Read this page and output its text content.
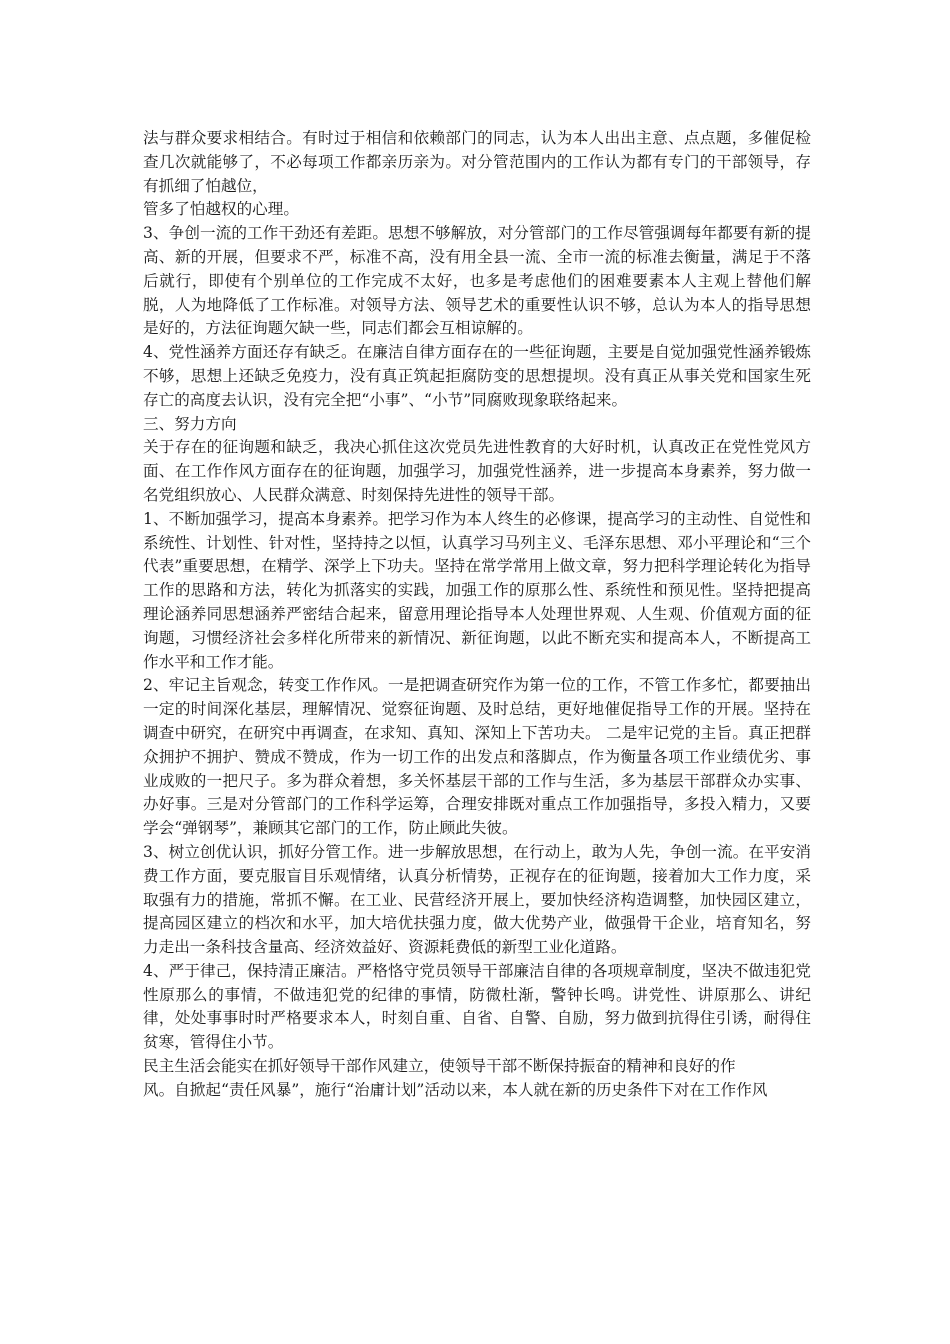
法与群众要求相结合。有时过于相信和依赖部门的同志，认为本人出出主意、点点题，多催促检查几次就能够了，不必每项工作都亲历亲为。对分管范围内的工作认为都有专门的干部领导，存有抓细了怕越位，

管多了怕越权的心理。

3、争创一流的工作干劲还有差距。思想不够解放，对分管部门的工作尽管强调每年都要有新的提高、新的开展，但要求不严，标准不高，没有用全县一流、全市一流的标准去衡量，满足于不落后就行，即使有个别单位的工作完成不太好，也多是考虑他们的困难要素本人主观上替他们解脱，人为地降低了工作标准。对领导方法、领导艺术的重要性认识不够，总认为本人的指导思想是好的，方法征询题欠缺一些，同志们都会互相谅解的。

4、党性涵养方面还存有缺乏。在廉洁自律方面存在的一些征询题，主要是自觉加强党性涵养锻炼不够，思想上还缺乏免疫力，没有真正筑起拒腐防变的思想提坝。没有真正从事关党和国家生死存亡的高度去认识，没有完全把“小事”、“小节”同腐败现象联络起来。

三、努力方向

关于存在的征询题和缺乏，我决心抓住这次党员先进性教育的大好时机，认真改正在党性党风方面、在工作作风方面存在的征询题，加强学习，加强党性涵养，进一步提高本身素养，努力做一名党组织放心、人民群众满意、时刻保持先进性的领导干部。

1、不断加强学习，提高本身素养。把学习作为本人终生的必修课，提高学习的主动性、自觉性和系统性、计划性、针对性，坚持持之以恒，认真学习马列主义、毛泽东思想、邓小平理论和“三个代表”重要思想，在精学、深学上下功夫。坚持在常学常用上做文章，努力把科学理论转化为指导工作的思路和方法，转化为抓落实的实践，加强工作的原那么性、系统性和预见性。坚持把提高理论涵养同思想涵养严密结合起来，留意用理论指导本人处理世界观、人生观、价值观方面的征询题，习惯经济社会多样化所带来的新情况、新征询题，以此不断充实和提高本人，不断提高工作水平和工作才能。

2、牢记主旨观念，转变工作作风。一是把调查研究作为第一位的工作，不管工作多忙，都要抽出一定的时间深化基层，理解情况、觉察征询题、及时总结，更好地催促指导工作的开展。坚持在调查中研究，在研究中再调查，在求知、真知、深知上下苦功夫。 二是牢记党的主旨。真正把群众拥护不拥护、赞成不赞成，作为一切工作的出发点和落脚点，作为衡量各项工作业绩优劣、事业成败的一把尺子。多为群众着想，多关怀基层干部的工作与生活，多为基层干部群众办实事、办好事。三是对分管部门的工作科学运筹，合理安排既对重点工作加强指导，多投入精力，又要学会“弹钢琴”，兼顾其它部门的工作，防止顾此失彼。

3、树立创优认识，抓好分管工作。进一步解放思想，在行动上，敢为人先，争创一流。在平安消费工作方面，要克服盲目乐观情绪，认真分析情势，正视存在的征询题，接着加大工作力度，采取强有力的措施，常抓不懈。在工业、民营经济开展上，要加快经济构造调整，加快园区建立，提高园区建立的档次和水平，加大培优扶强力度，做大优势产业，做强骨干企业，培育知名，努力走出一条科技含量高、经济效益好、资源耗费低的新型工业化道路。

4、严于律己，保持清正廉洁。严格恪守党员领导干部廉洁自律的各项规章制度，坚决不做违犯党性原那么的事情，不做违犯党的纪律的事情，防微杜渐，警钟长鸣。讲党性、讲原那么、讲纪律，处处事事时时严格要求本人，时刻自重、自省、自警、自励，努力做到抗得住引诱，耐得住贫寒，管得住小节。

民主生活会能实在抓好领导干部作风建立，使领导干部不断保持振奋的精神和良好的作

风。自掀起“责任风暴”，施行“治庸计划”活动以来，本人就在新的历史条件下对在工作作风
